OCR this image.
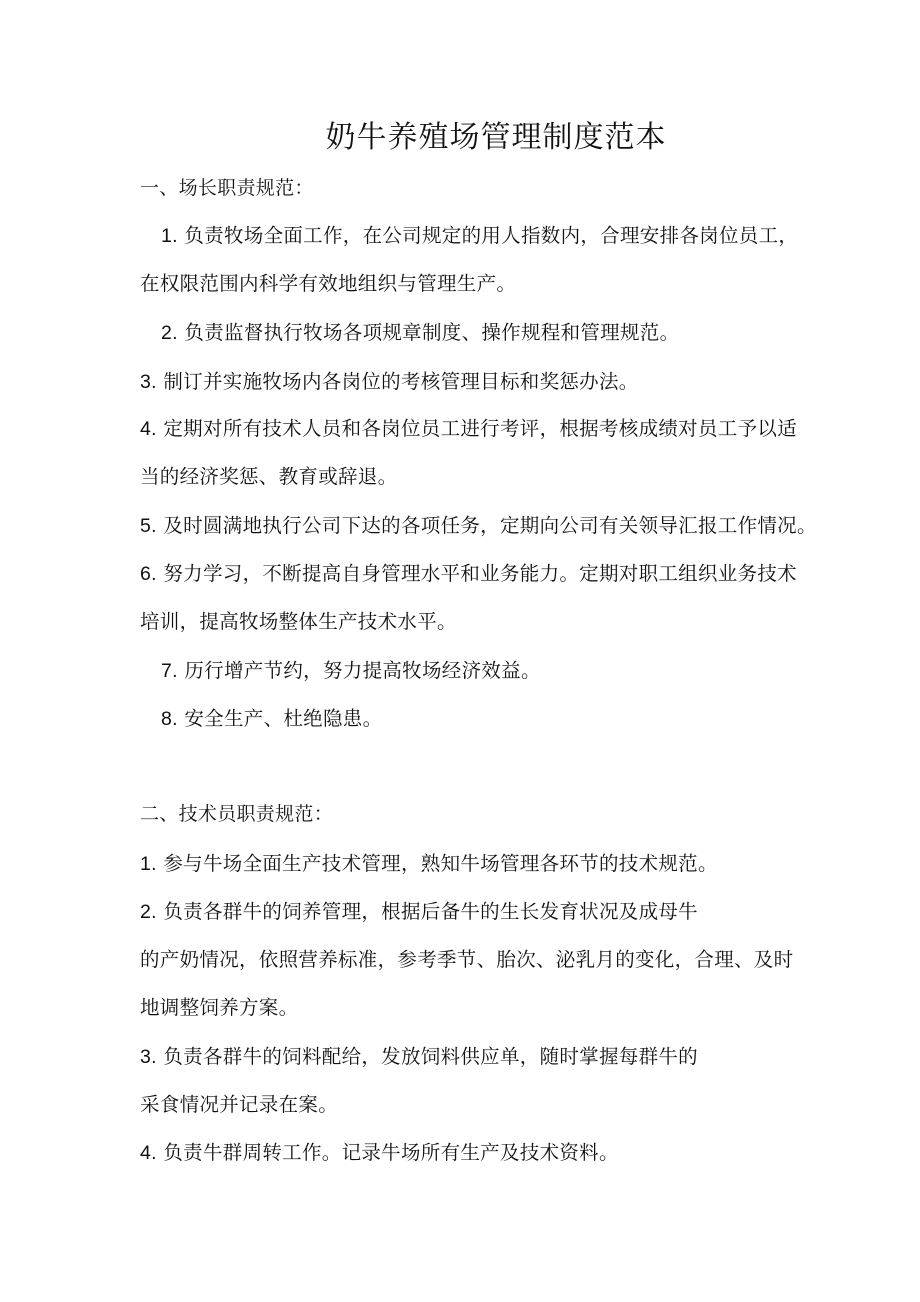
奶牛养殖场管理制度范本
一、场长职责规范：
1. 负责牧场全面工作，在公司规定的用人指数内，合理安排各岗位员工，
在权限范围内科学有效地组织与管理生产。
2. 负责监督执行牧场各项规章制度、操作规程和管理规范。
3. 制订并实施牧场内各岗位的考核管理目标和奖惩办法。
4. 定期对所有技术人员和各岗位员工进行考评，根据考核成绩对员工予以适
当的经济奖惩、教育或辞退。
5. 及时圆满地执行公司下达的各项任务，定期向公司有关领导汇报工作情况。
6. 努力学习，不断提高自身管理水平和业务能力。定期对职工组织业务技术
培训，提高牧场整体生产技术水平。
7. 历行增产节约，努力提高牧场经济效益。
8. 安全生产、杜绝隐患。
二、技术员职责规范：
1. 参与牛场全面生产技术管理，熟知牛场管理各环节的技术规范。
2. 负责各群牛的饲养管理，根据后备牛的生长发育状况及成母牛
的产奶情况，依照营养标准，参考季节、胎次、泌乳月的变化，合理、及时
地调整饲养方案。
3. 负责各群牛的饲料配给，发放饲料供应单，随时掌握每群牛的
采食情况并记录在案。
4. 负责牛群周转工作。记录牛场所有生产及技术资料。
